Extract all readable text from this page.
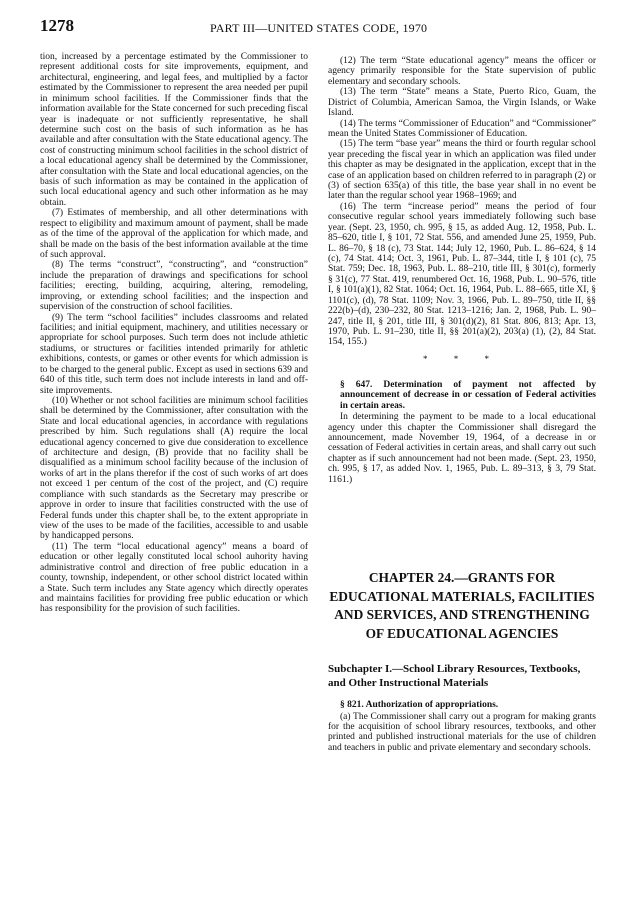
1278	PART III—UNITED STATES CODE, 1970

tion, increased by a percentage estimated by the Commissioner to represent additional costs for site improvements, equipment, and architectural, engineering, and legal fees, and multiplied by a factor estimated by the Commissioner to represent the area needed per pupil in minimum school facilities. If the Commissioner finds that the information available for the State concerned for such preceding fiscal year is inadequate or not sufficiently representative, he shall determine such cost on the basis of such information as he has available and after consultation with the State educational agency. The cost of constructing minimum school facilities in the school district of a local educational agency shall be determined by the Commissioner, after consultation with the State and local educational agencies, on the basis of such information as may be contained in the application of such local educational agency and such other information as he may obtain.

(7) Estimates of membership, and all other determinations with respect to eligibility and maximum amount of payment, shall be made as of the time of the approval of the application for which made, and shall be made on the basis of the best information available at the time of such approval.

(8) The terms “construct”, “constructing”, and “construction” include the preparation of drawings and specifications for school facilities; erecting, building, acquiring, altering, remodeling, improving, or extending school facilities; and the inspection and supervision of the construction of school facilities.

(9) The term “school facilities” includes classrooms and related facilities; and initial equipment, machinery, and utilities necessary or appropriate for school purposes. Such term does not include athletic stadiums, or structures or facilities intended primarily for athletic exhibitions, contests, or games or other events for which admission is to be charged to the general public. Except as used in sections 639 and 640 of this title, such term does not include interests in land and off-site improvements.

(10) Whether or not school facilities are minimum school facilities shall be determined by the Commissioner, after consultation with the State and local educational agencies, in accordance with regulations prescribed by him. Such regulations shall (A) require the local educational agency concerned to give due consideration to excellence of architecture and design, (B) provide that no facility shall be disqualified as a minimum school facility because of the inclusion of works of art in the plans therefor if the cost of such works of art does not exceed 1 per centum of the cost of the project, and (C) require compliance with such standards as the Secretary may prescribe or approve in order to insure that facilities constructed with the use of Federal funds under this chapter shall be, to the extent appropriate in view of the uses to be made of the facilities, accessible to and usable by handicapped persons.

(11) The term “local educational agency” means a board of education or other legally constituted local school auhority having administrative control and direction of free public education in a county, township, independent, or other school district located within a State. Such term includes any State agency which directly operates and maintains facilities for providing free public education or which has responsibility for the provision of such facilities.

(12) The term “State educational agency” means the officer or agency primarily responsible for the State supervision of public elementary and secondary schools.

(13) The term “State” means a State, Puerto Rico, Guam, the District of Columbia, American Samoa, the Virgin Islands, or Wake Island.

(14) The terms “Commissioner of Education” and “Commissioner” mean the United States Commissioner of Education.

(15) The term “base year” means the third or fourth regular school year preceding the fiscal year in which an application was filed under this chapter as may be designated in the application, except that in the case of an application based on children referred to in paragraph (2) or (3) of section 635(a) of this title, the base year shall in no event be later than the regular school year 1968–1969; and

(16) The term “increase period” means the period of four consecutive regular school years immediately following such base year. (Sept. 23, 1950, ch. 995, § 15, as added Aug. 12, 1958, Pub. L. 85–620, title I, § 101, 72 Stat. 556, and amended June 25, 1959, Pub. L. 86–70, § 18 (c), 73 Stat. 144; July 12, 1960, Pub. L. 86–624, § 14 (c), 74 Stat. 414; Oct. 3, 1961, Pub. L. 87–344, title I, § 101 (c), 75 Stat. 759; Dec. 18, 1963, Pub. L. 88–210, title III, § 301(c), formerly § 31(c), 77 Stat. 419, renumbered Oct. 16, 1968, Pub. L. 90–576, title I, § 101(a)(1), 82 Stat. 1064; Oct. 16, 1964, Pub. L. 88–665, title XI, § 1101(c), (d), 78 Stat. 1109; Nov. 3, 1966, Pub. L. 89–750, title II, §§ 222(b)–(d), 230–232, 80 Stat. 1213–1216; Jan. 2, 1968, Pub. L. 90–247, title II, § 201, title III, § 301(d)(2), 81 Stat. 806, 813; Apr. 13, 1970, Pub. L. 91–230, title II, §§ 201(a)(2), 203(a) (1), (2), 84 Stat. 154, 155.)

* * *

§ 647. Determination of payment not affected by announcement of decrease in or cessation of Federal activities in certain areas.

In determining the payment to be made to a local educational agency under this chapter the Commissioner shall disregard the announcement, made November 19, 1964, of a decrease in or cessation of Federal activities in certain areas, and shall carry out such chapter as if such announcement had not been made. (Sept. 23, 1950, ch. 995, § 17, as added Nov. 1, 1965, Pub. L. 89–313, § 3, 79 Stat. 1161.)

CHAPTER 24.—GRANTS FOR EDUCATIONAL MATERIALS, FACILITIES AND SERVICES, AND STRENGTHENING OF EDUCATIONAL AGENCIES
Subchapter I.—School Library Resources, Textbooks, and Other Instructional Materials

§ 821. Authorization of appropriations.

(a) The Commissioner shall carry out a program for making grants for the acquisition of school library resources, textbooks, and other printed and published instructional materials for the use of children and teachers in public and private elementary and secondary schools.
